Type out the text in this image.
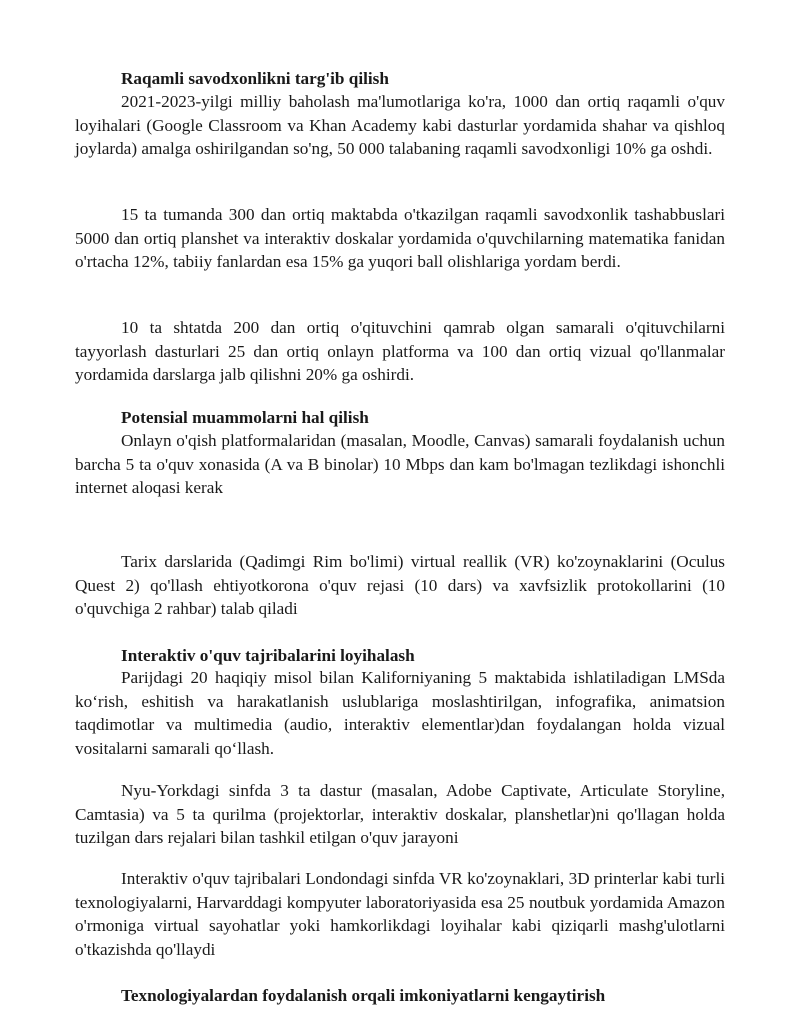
Raqamli savodxonlikni targ'ib qilish

2021-2023-yilgi milliy baholash ma'lumotlariga ko'ra, 1000 dan ortiq raqamli o'quv loyihalari (Google Classroom va Khan Academy kabi dasturlar yordamida shahar va qishloq joylarda) amalga oshirilgandan so'ng, 50 000 talabaning raqamli savodxonligi 10% ga oshdi.

15 ta tumanda 300 dan ortiq maktabda o'tkazilgan raqamli savodxonlik tashabbuslari 5000 dan ortiq planshet va interaktiv doskalar yordamida o'quvchilarning matematika fanidan o'rtacha 12%, tabiiy fanlardan esa 15% ga yuqori ball olishlariga yordam berdi.

10 ta shtatda 200 dan ortiq o'qituvchini qamrab olgan samarali o'qituvchilarni tayyorlash dasturlari 25 dan ortiq onlayn platforma va 100 dan ortiq vizual qo'llanmalar yordamida darslarga jalb qilishni 20% ga oshirdi.

Potensial muammolarni hal qilish

Onlayn o'qish platformalaridan (masalan, Moodle, Canvas) samarali foydalanish uchun barcha 5 ta o'quv xonasida (A va B binolar) 10 Mbps dan kam bo'lmagan tezlikdagi ishonchli internet aloqasi kerak

Tarix darslarida (Qadimgi Rim bo'limi) virtual reallik (VR) ko'zoynaklarini (Oculus Quest 2) qo'llash ehtiyotkorona o'quv rejasi (10 dars) va xavfsizlik protokollarini (10 o'quvchiga 2 rahbar) talab qiladi

Interaktiv o'quv tajribalarini loyihalash

Parijdagi 20 haqiqiy misol bilan Kaliforniyaning 5 maktabida ishlatiladigan LMSda ko‘rish, eshitish va harakatlanish uslublariga moslashtirilgan, infografika, animatsion taqdimotlar va multimedia (audio, interaktiv elementlar)dan foydalangan holda vizual vositalarni samarali qo‘llash.

Nyu-Yorkdagi sinfda 3 ta dastur (masalan, Adobe Captivate, Articulate Storyline, Camtasia) va 5 ta qurilma (projektorlar, interaktiv doskalar, planshetlar)ni qo'llagan holda tuzilgan dars rejalari bilan tashkil etilgan o'quv jarayoni

Interaktiv o'quv tajribalari Londondagi sinfda VR ko'zoynaklari, 3D printerlar kabi turli texnologiyalarni, Harvarddagi kompyuter laboratoriyasida esa 25 noutbuk yordamida Amazon o'rmoniga virtual sayohatlar yoki hamkorlikdagi loyihalar kabi qiziqarli mashg'ulotlarni o'tkazishda qo'llaydi

Texnologiyalardan foydalanish orqali imkoniyatlarni kengaytirish
